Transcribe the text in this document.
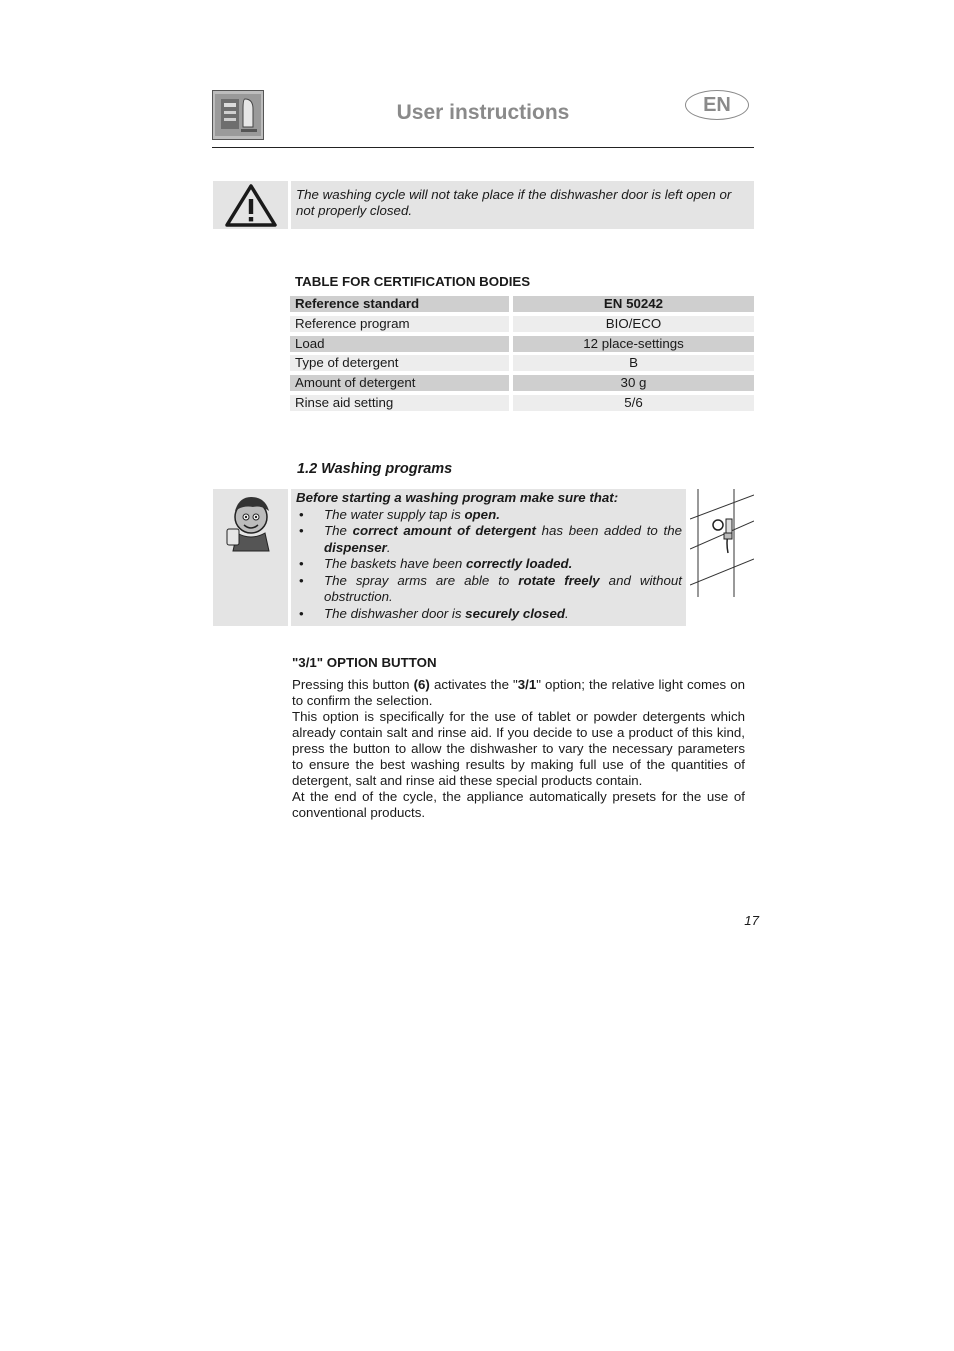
User instructions	EN
The washing cycle will not take place if the dishwasher door is left open or not properly closed.
TABLE FOR CERTIFICATION BODIES
Reference standard	EN 50242
Reference program	BIO/ECO
Load	12 place-settings
Type of detergent	B
Amount of detergent	30 g
Rinse aid setting	5/6
1.2 Washing programs
Before starting a washing program make sure that:
• The water supply tap is open.
• The correct amount of detergent has been added to the dispenser.
• The baskets have been correctly loaded.
• The spray arms are able to rotate freely and without obstruction.
• The dishwasher door is securely closed.
"3/1" OPTION BUTTON

Pressing this button (6) activates the "3/1" option; the relative light comes on to confirm the selection.

This option is specifically for the use of tablet or powder detergents which already contain salt and rinse aid. If you decide to use a product of this kind, press the button to allow the dishwasher to vary the necessary parameters to ensure the best washing results by making full use of the quantities of detergent, salt and rinse aid these special products contain.

At the end of the cycle, the appliance automatically presets for the use of conventional products.

17
